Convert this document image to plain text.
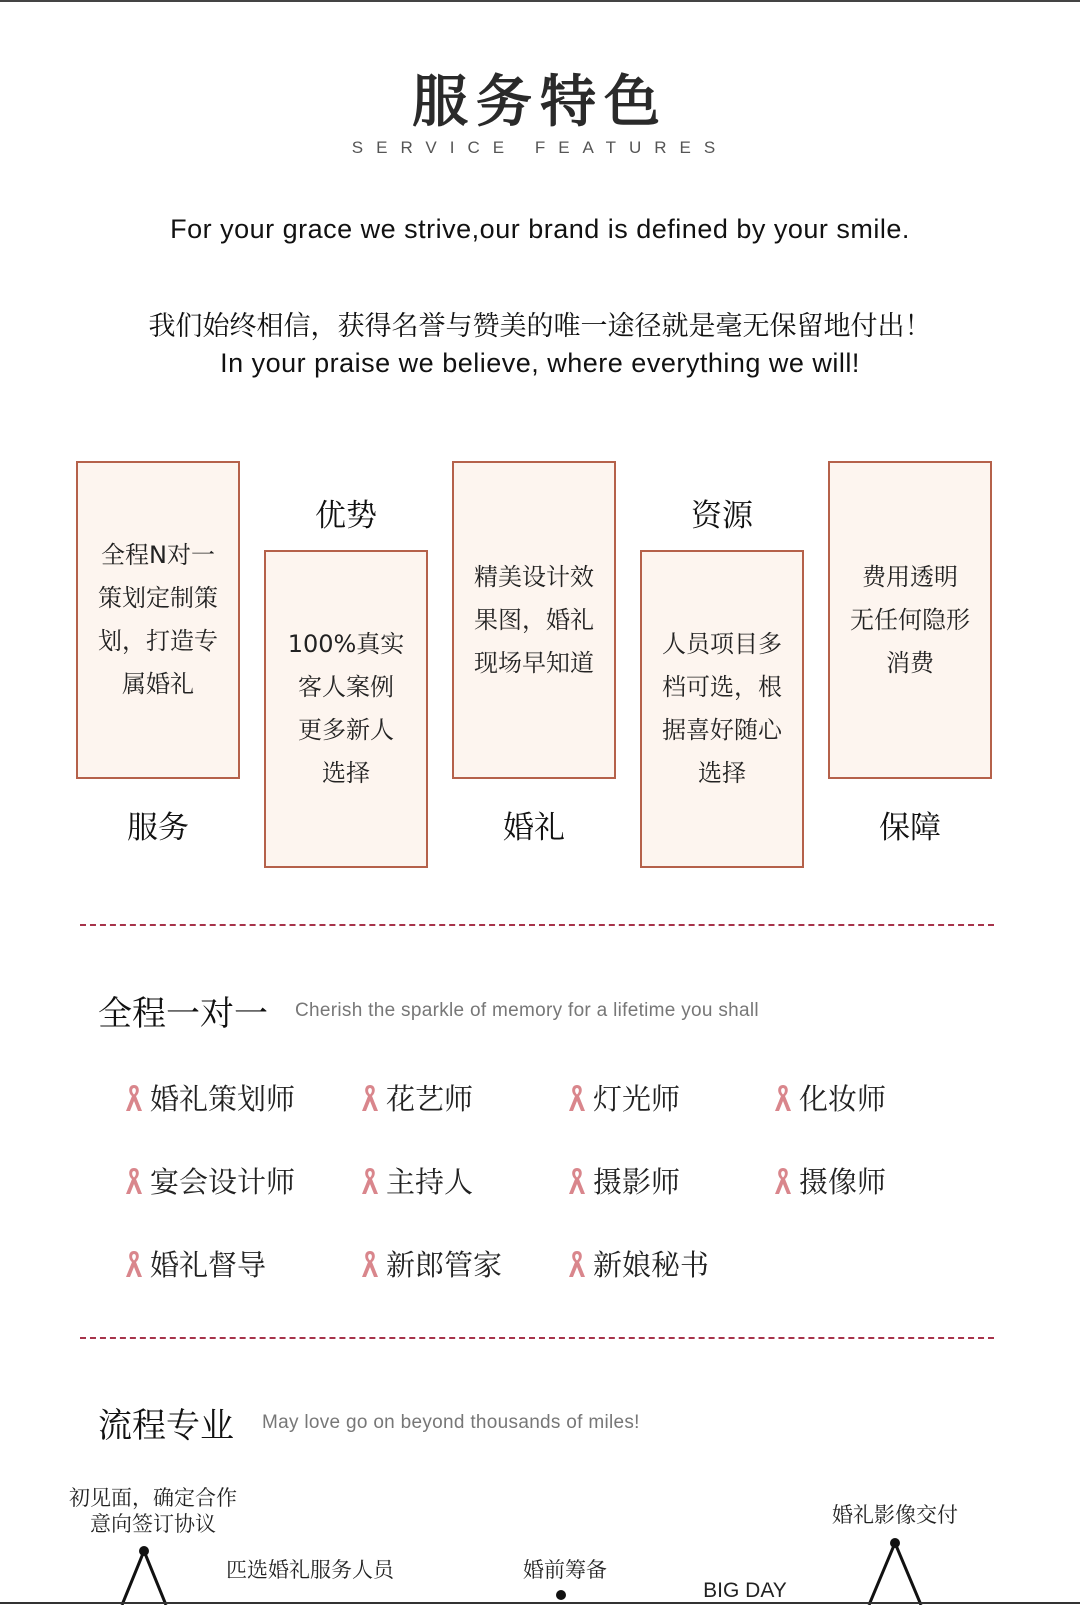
服务特色
SERVICE FEATURES

For your grace we strive,our brand is defined by your smile.

我们始终相信，获得名誉与赞美的唯一途径就是毫无保留地付出！

In your praise we believe, where everything we will!

全程N对一
策划定制策
划，打造专
属婚礼
服务
优势
100%真实
客人案例
更多新人
选择
精美设计效
果图，婚礼
现场早知道
婚礼
资源
人员项目多
档可选，根
据喜好随心
选择
费用透明
无任何隐形
消费
保障
全程一对一 Cherish the sparkle of memory for a lifetime you shall
婚礼策划师	花艺师	灯光师	化妆师
宴会设计师	主持人	摄影师	摄像师
婚礼督导	新郎管家	新娘秘书
流程专业 May love go on beyond thousands of miles!
初见面，确定合作
意向签订协议
匹选婚礼服务人员	婚前筹备
BIG DAY
婚礼影像交付
